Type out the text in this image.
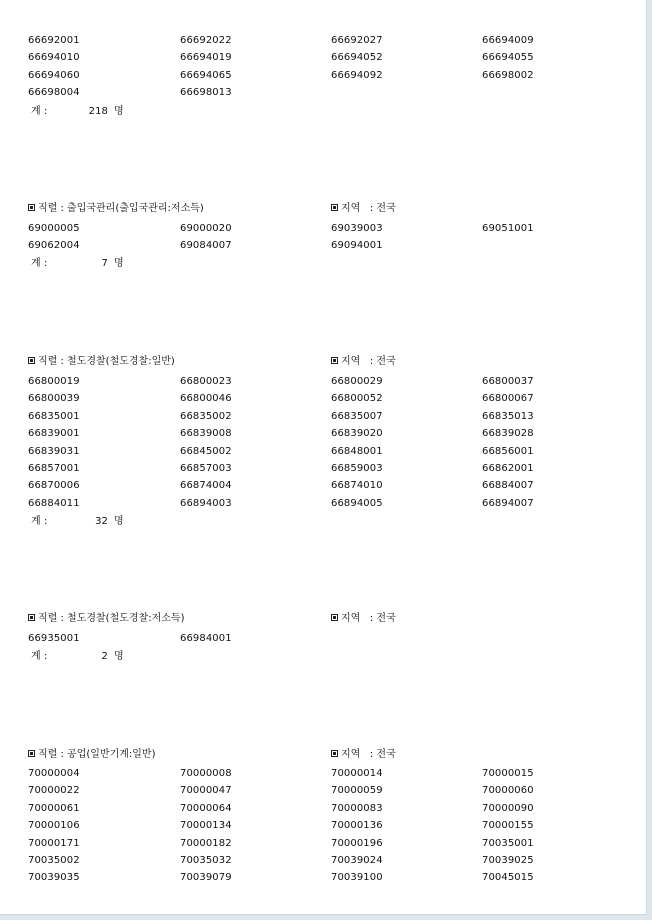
66692001	66692022	66692027	66694009
66694010	66694019	66694052	66694055
66694060	66694065	66694092	66698002
66698004	66698013
계 :	218 명
직렬 : 출입국관리(출입국관리:저소득)	지역   : 전국
69000005	69000020	69039003	69051001
69062004	69084007	69094001
계 :	7 명
직렬 : 철도경찰(철도경찰:일반)	지역   : 전국
66800019	66800023	66800029	66800037
66800039	66800046	66800052	66800067
66835001	66835002	66835007	66835013
66839001	66839008	66839020	66839028
66839031	66845002	66848001	66856001
66857001	66857003	66859003	66862001
66870006	66874004	66874010	66884007
66884011	66894003	66894005	66894007
계 :	32 명
직렬 : 철도경찰(철도경찰:저소득)	지역   : 전국
66935001	66984001
계 :	2 명
직렬 : 공업(일반기계:일반)	지역   : 전국
70000004	70000008	70000014	70000015
70000022	70000047	70000059	70000060
70000061	70000064	70000083	70000090
70000106	70000134	70000136	70000155
70000171	70000182	70000196	70035001
70035002	70035032	70039024	70039025
70039035	70039079	70039100	70045015
